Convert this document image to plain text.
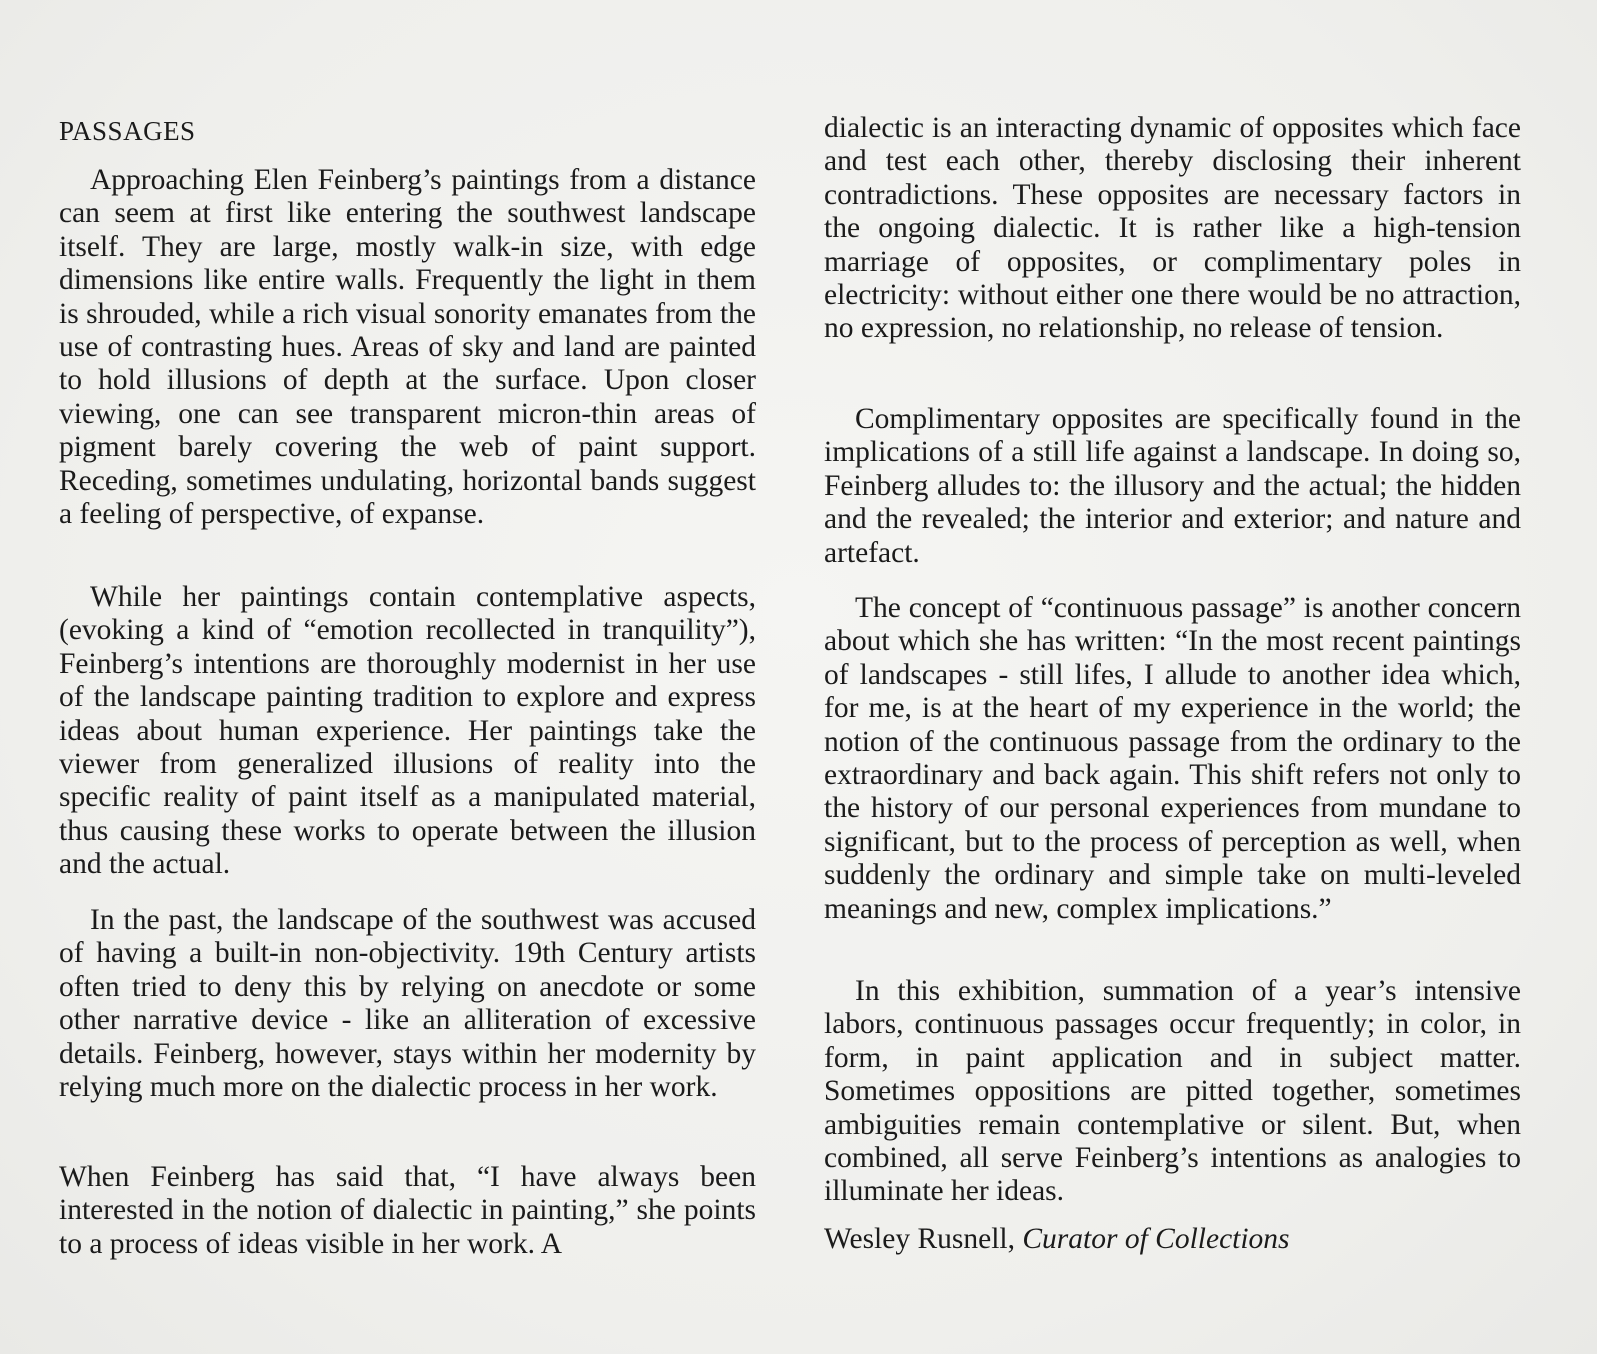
PASSAGES

Approaching Elen Feinberg’s paintings from a distance can seem at first like entering the southwest landscape itself. They are large, mostly walk-in size, with edge dimensions like entire walls. Frequently the light in them is shrouded, while a rich visual sonority emanates from the use of contrasting hues. Areas of sky and land are painted to hold illusions of depth at the surface. Upon closer viewing, one can see transparent micron-thin areas of pigment barely covering the web of paint support. Receding, sometimes undulating, horizontal bands suggest a feeling of perspective, of expanse.

While her paintings contain contemplative aspects, (evoking a kind of “emotion recollected in tranquility”), Feinberg’s intentions are thoroughly modernist in her use of the landscape painting tradition to explore and express ideas about human experience. Her paintings take the viewer from generalized illusions of reality into the specific reality of paint itself as a manipulated material, thus causing these works to operate between the illusion and the actual.

In the past, the landscape of the southwest was accused of having a built-in non-objectivity. 19th Century artists often tried to deny this by relying on anecdote or some other narrative device - like an alliteration of excessive details. Feinberg, however, stays within her modernity by relying much more on the dialectic process in her work.

When Feinberg has said that, “I have always been interested in the notion of dialectic in painting,” she points to a process of ideas visible in her work. A

dialectic is an interacting dynamic of opposites which face and test each other, thereby disclosing their inherent contradictions. These opposites are necessary factors in the ongoing dialectic. It is rather like a high-tension marriage of opposites, or complimentary poles in electricity: without either one there would be no attraction, no expression, no relationship, no release of tension.

Complimentary opposites are specifically found in the implications of a still life against a landscape. In doing so, Feinberg alludes to: the illusory and the actual; the hidden and the revealed; the interior and exterior; and nature and artefact.

The concept of “continuous passage” is another concern about which she has written: “In the most recent paintings of landscapes - still lifes, I allude to another idea which, for me, is at the heart of my experience in the world; the notion of the continuous passage from the ordinary to the extraordinary and back again. This shift refers not only to the history of our personal experiences from mundane to significant, but to the process of perception as well, when suddenly the ordinary and simple take on multi-leveled meanings and new, complex implications.”

In this exhibition, summation of a year’s intensive labors, continuous passages occur frequently; in color, in form, in paint application and in subject matter. Sometimes oppositions are pitted together, sometimes ambiguities remain contemplative or silent. But, when combined, all serve Feinberg’s intentions as analogies to illuminate her ideas.

Wesley Rusnell, Curator of Collections
